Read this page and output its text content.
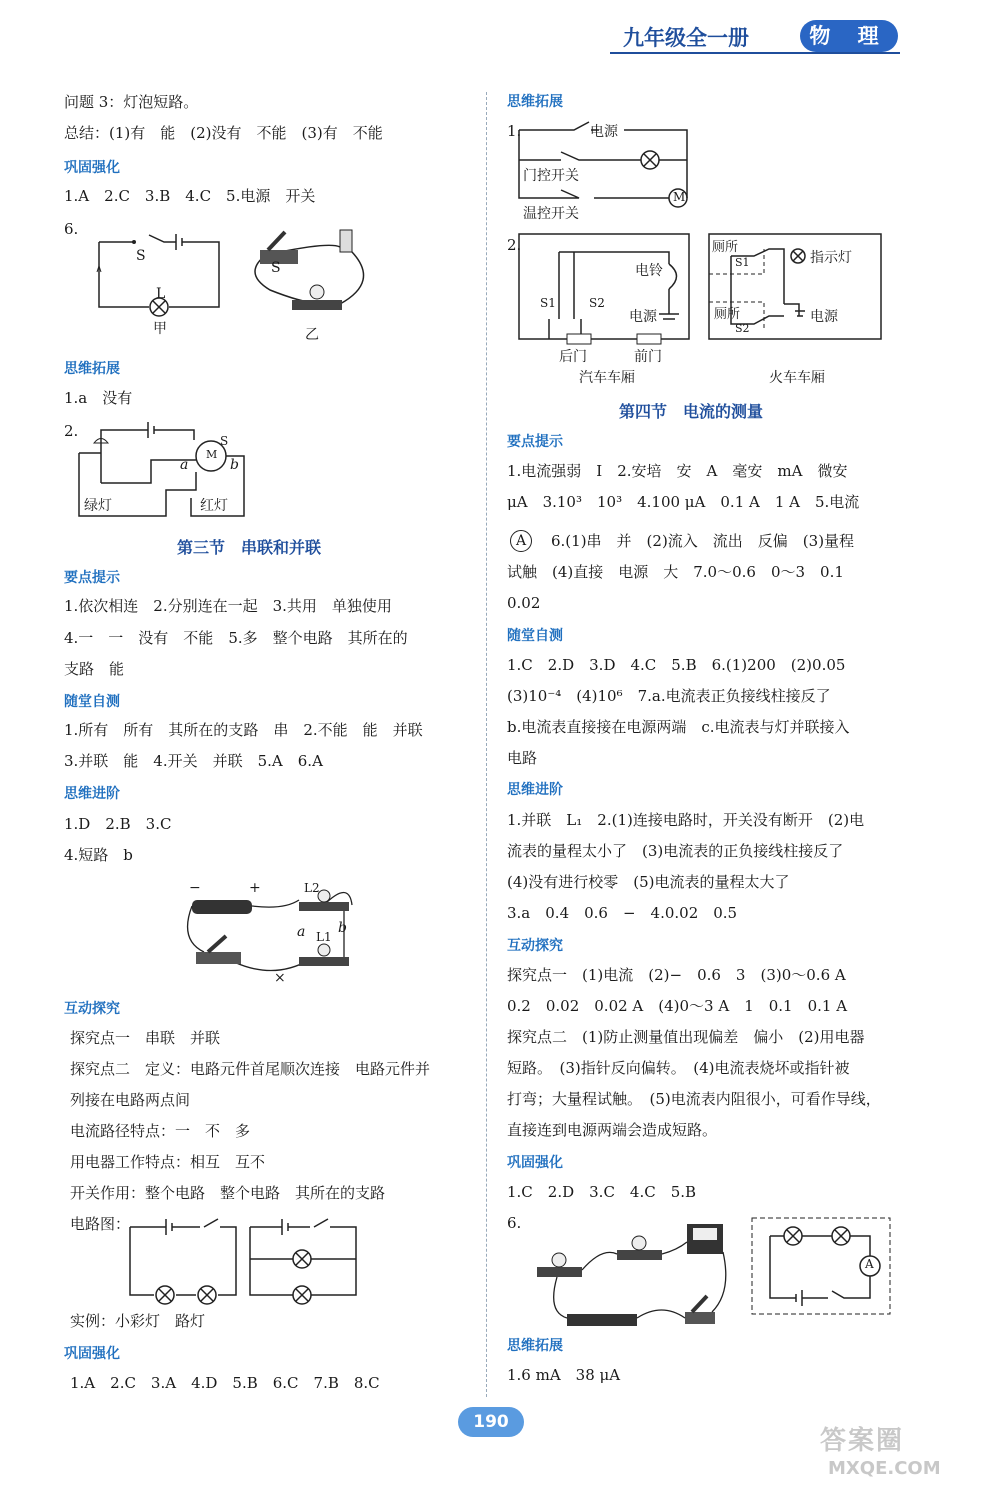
九年级全一册	物 理
问题 3：灯泡短路。
总结：(1)有　能　(2)没有　不能　(3)有　不能
巩固强化
1.A　2.C　3.B　4.C　5.电源　开关
6.
S
L
甲
S
乙
思维拓展
1.a　没有
2.
S
M
a	b
绿灯	红灯
第三节　串联和并联
要点提示
1.依次相连　2.分别连在一起　3.共用　单独使用
4.一　一　没有　不能　5.多　整个电路　其所在的
支路　能
随堂自测
1.所有　所有　其所在的支路　串　2.不能　能　并联
3.并联　能　4.开关　并联　5.A　6.A
思维进阶
1.D　2.B　3.C
4.短路　b
−	+	L2
L1
a b
×
互动探究
探究点一　串联　并联
探究点二　定义：电路元件首尾顺次连接　电路元件并
列接在电路两点间
电流路径特点：一　不　多
用电器工作特点：相互　互不
开关作用：整个电路　整个电路　其所在的支路
电路图：
实例：小彩灯　路灯
巩固强化
1.A　2.C　3.A　4.D　5.B　6.C　7.B　8.C
思维拓展
1.	电源
门控开关
M
温控开关
2.
电铃
S1	S2
电源
后门	前门
汽车车厢
厕所
S1	指示灯
厕所	电源
S2
火车车厢
第四节　电流的测量
要点提示
1.电流强弱　I　2.安培　安　A　毫安　mA　微安
μA　3.10³　10³　4.100 μA　0.1 A　1 A　5.电流
A	6.(1)串　并　(2)流入　流出　反偏　(3)量程
试触　(4)直接　电源　大　7.0～0.6　0～3　0.1
0.02
随堂自测
1.C　2.D　3.D　4.C　5.B　6.(1)200　(2)0.05
(3)10⁻⁴　(4)10⁶　7.a.电流表正负接线柱接反了
b.电流表直接接在电源两端　c.电流表与灯并联接入
电路
思维进阶
1.并联　L₁　2.(1)连接电路时，开关没有断开　(2)电
流表的量程太小了　(3)电流表的正负接线柱接反了
(4)没有进行校零　(5)电流表的量程太大了
3.a　0.4　0.6　−　4.0.02　0.5
互动探究
探究点一　(1)电流　(2)−　0.6　3　(3)0～0.6 A
0.2　0.02　0.02 A　(4)0～3 A　1　0.1　0.1 A
探究点二　(1)防止测量值出现偏差　偏小　(2)用电器
短路。　(3)指针反向偏转。　(4)电流表烧坏或指针被
打弯；大量程试触。　(5)电流表内阻很小，可看作导线，
直接连到电源两端会造成短路。
巩固强化
1.C　2.D　3.C　4.C　5.B
6.
A
思维拓展
1.6 mA　38 μA
190
答案圈
MXQE.COM
